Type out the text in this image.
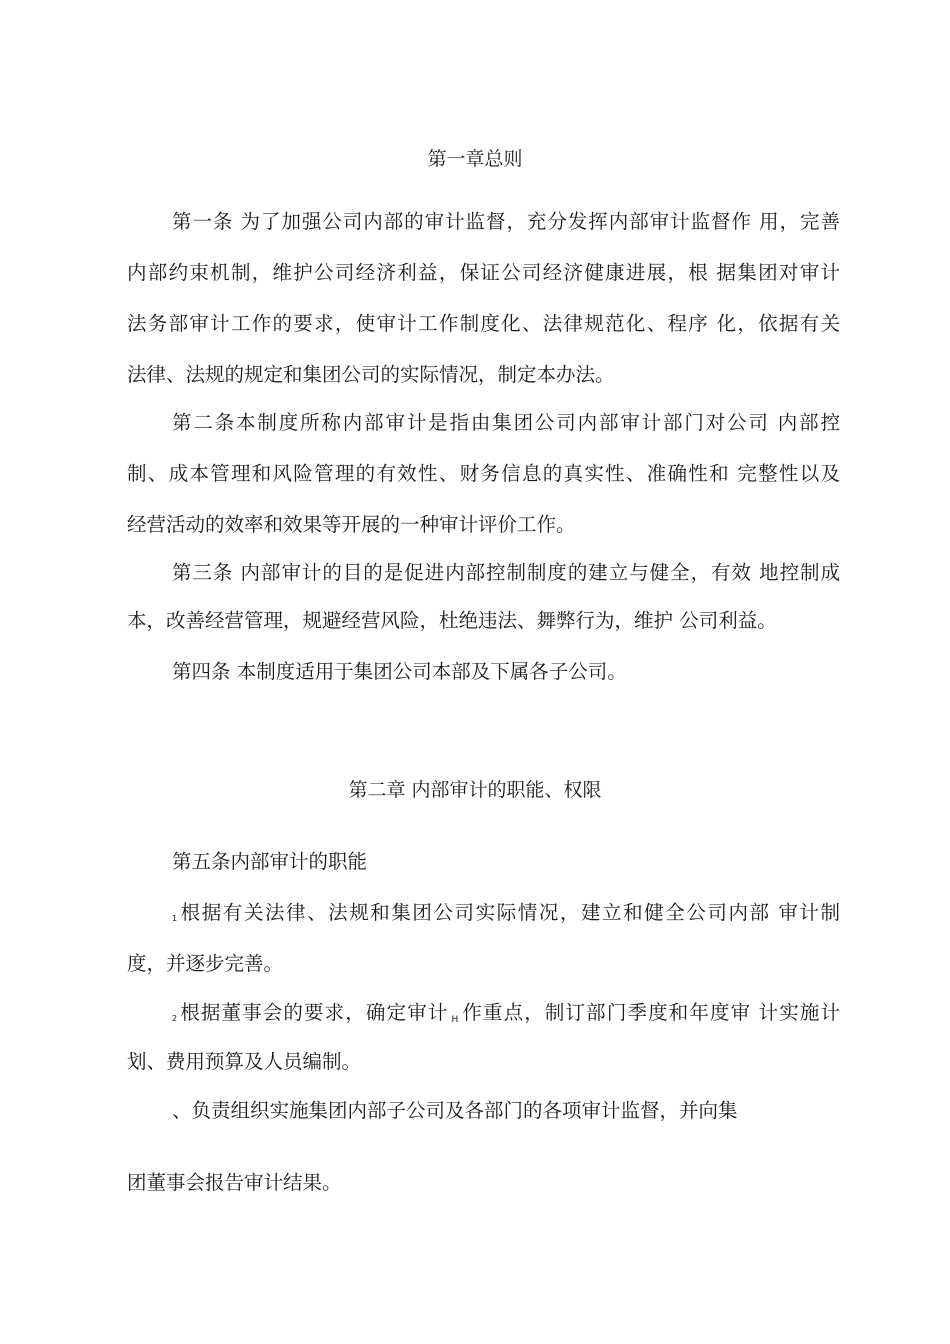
第一章总则
第一条 为了加强公司内部的审计监督，充分发挥内部审计监督作 用，完善
内部约束机制，维护公司经济利益，保证公司经济健康进展，根 据集团对审计
法务部审计工作的要求，使审计工作制度化、法律规范化、程序 化，依据有关
法律、法规的规定和集团公司的实际情况，制定本办法。
第二条本制度所称内部审计是指由集团公司内部审计部门对公司 内部控
制、成本管理和风险管理的有效性、财务信息的真实性、准确性和 完整性以及
经营活动的效率和效果等开展的一种审计评价工作。
第三条 内部审计的目的是促进内部控制制度的建立与健全，有效 地控制成
本，改善经营管理，规避经营风险，杜绝违法、舞弊行为，维护 公司利益。
第四条 本制度适用于集团公司本部及下属各子公司。
第二章 内部审计的职能、权限
第五条内部审计的职能
1 根据有关法律、法规和集团公司实际情况，建立和健全公司内部 审计制
度，并逐步完善。
2 根据董事会的要求，确定审计 H 作重点，制订部门季度和年度审 计实施计
划、费用预算及人员编制。
、负责组织实施集团内部子公司及各部门的各项审计监督，并向集
团董事会报告审计结果。
